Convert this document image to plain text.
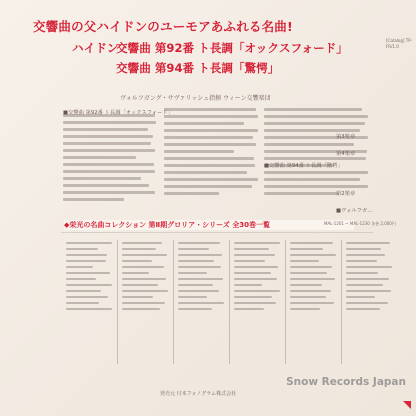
交響曲の父ハイドンのユーモアあふれる名曲!
ハイドン
交響曲 第92番 ト長調「オックスフォード」
交響曲 第94番 ト長調「驚愕」
ヴォルフガング・サヴァリッシュ指揮 ウィーン交響楽団
[Catalog] TP-FR/1.0
■交響曲 第92番 ト長調「オックスフォード」
第3楽章
第4楽章
■交響曲 第94番 ト長調「驚愕」
第2楽章
■ヴォルフガ...
◆栄光の名曲コレクション 第Ⅱ期グロリア・シリーズ 全30巻一覧	MAL-1201 ~ MAL-1230 各巻 2,000円
発売元 日本フォノグラム株式会社
Snow Records Japan
